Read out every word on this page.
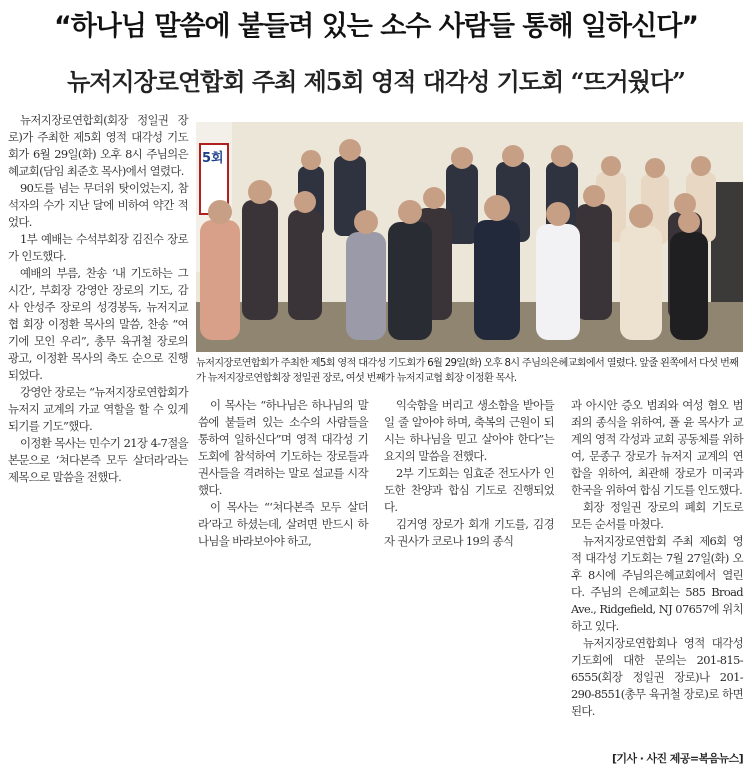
“하나님 말씀에 붙들려 있는 소수 사람들 통해 일하신다”
뉴저지장로연합회 주최 제5회 영적 대각성 기도회 “뜨거웠다”

뉴저지장로연합회(회장 정일권 장로)가 주최한 제5회 영적 대각성 기도회가 6월 29일(화) 오후 8시 주님의은혜교회(담임 최준호 목사)에서 열렸다.

90도를 넘는 무더위 탓이었는지, 참석자의 수가 지난 달에 비하여 약간 적었다.

1부 예배는 수석부회장 김진수 장로가 인도했다.

예배의 부름, 찬송 ‘내 기도하는 그 시간’, 부회장 강영안 장로의 기도, 감사 안성주 장로의 성경봉독, 뉴저지교협 회장 이정환 목사의 말씀, 찬송 “여기에 모인 우리”, 총무 육귀철 장로의 광고, 이정환 목사의 축도 순으로 진행되었다.

강영안 장로는 “뉴저지장로연합회가 뉴저지 교계의 가교 역할을 할 수 있게 되기를 기도”했다.

이정환 목사는 민수기 21장 4-7절을 본문으로 ‘쳐다본즉 모두 살더라’라는 제목으로 말씀을 전했다.

5회
뉴저지장로연합회가 주최한 제5회 영적 대각성 기도회가 6월 29일(화) 오후 8시 주님의은혜교회에서 열렸다. 앞줄 왼쪽에서 다섯 번째가 뉴저지장로연합회장 정일권 장로, 여섯 번째가 뉴저지교협 회장 이정환 목사.

이 목사는 “하나님은 하나님의 말씀에 붙들려 있는 소수의 사람들을 통하여 일하신다”며 영적 대각성 기도회에 참석하여 기도하는 장로들과 권사들을 격려하는 말로 설교를 시작했다.

이 목사는 “‘쳐다본즉 모두 살더라’라고 하셨는데, 살려면 반드시 하나님을 바라보아야 하고,

익숙함을 버리고 생소함을 받아들일 줄 알아야 하며, 축복의 근원이 되시는 하나님을 믿고 살아야 한다”는 요지의 말씀을 전했다.

2부 기도회는 임효준 전도사가 인도한 찬양과 합심 기도로 진행되었다.

김거영 장로가 회개 기도를, 김경자 권사가 코로나 19의 종식

과 아시안 증오 범죄와 여성 혐오 범죄의 종식을 위하여, 폴 윤 목사가 교계의 영적 각성과 교회 공동체를 위하여, 문종구 장로가 뉴저지 교계의 연합을 위하여, 최관해 장로가 미국과 한국을 위하여 합심 기도를 인도했다.

회장 정일권 장로의 폐회 기도로 모든 순서를 마쳤다.

뉴저지장로연합회 주최 제6회 영적 대각성 기도회는 7월 27일(화) 오후 8시에 주님의은혜교회에서 열린다. 주님의 은혜교회는 585 Broad Ave., Ridgefield, NJ 07657에 위치하고 있다.

뉴저지장로연합회나 영적 대각성 기도회에 대한 문의는 201-815-6555(회장 정일권 장로)나 201-290-8551(총무 육귀철 장로)로 하면 된다.

[기사 · 사진 제공=복음뉴스]
